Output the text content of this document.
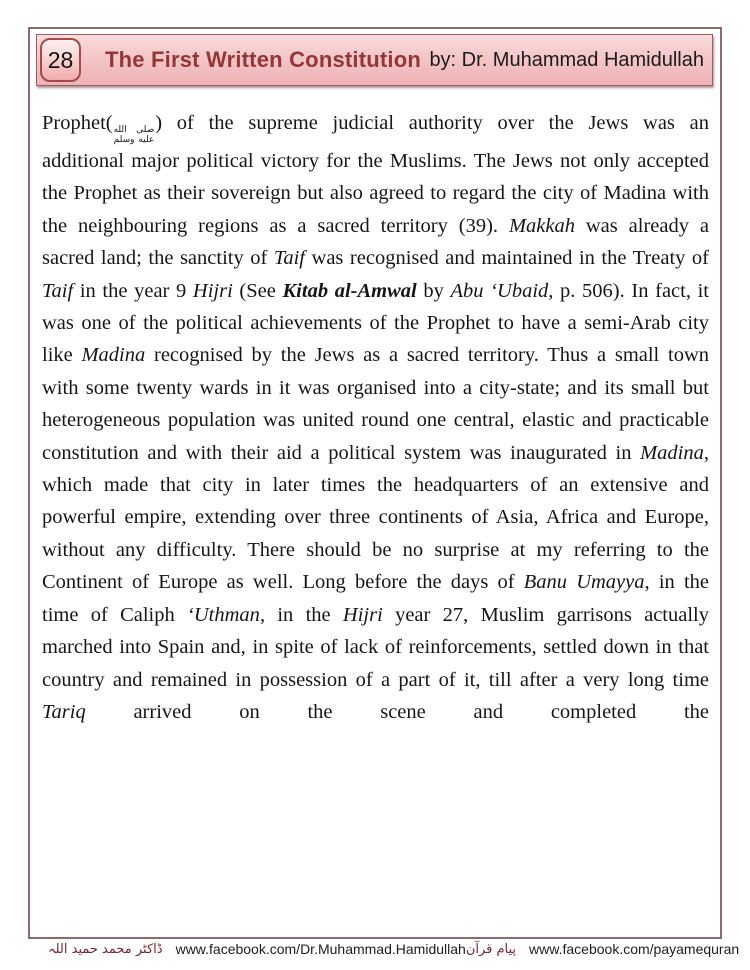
28 The First Written Constitution by: Dr. Muhammad Hamidullah
Prophet( صلى الله
عليه وسلم
) of the supreme judicial authority over the Jews was an additional major political victory for the Muslims. The Jews not only accepted the Prophet as their sovereign but also agreed to regard the city of Madina with the neighbouring regions as a sacred territory (39). Makkah was already a sacred land; the sanctity of Taif was recognised and maintained in the Treaty of Taif in the year 9 Hijri (See Kitab al-Amwal by Abu ‘Ubaid, p. 506). In fact, it was one of the political achievements of the Prophet to have a semi-Arab city like Madina recognised by the Jews as a sacred territory. Thus a small town with some twenty wards in it was organised into a city-state; and its small but heterogeneous population was united round one central, elastic and practicable constitution and with their aid a political system was inaugurated in Madina, which made that city in later times the headquarters of an extensive and powerful empire, extending over three continents of Asia, Africa and Europe, without any difficulty. There should be no surprise at my referring to the Continent of Europe as well. Long before the days of Banu Umayya, in the time of Caliph ‘Uthman, in the Hijri year 27, Muslim garrisons actually marched into Spain and, in spite of lack of reinforcements, settled down in that country and remained in possession of a part of it, till after a very long time Tariq arrived on the scene and completed the
ڈاکٹر محمد حمید اللہ www.facebook.com/Dr.Muhammad.Hamidullah پیام قرآن www.facebook.com/payamequran
